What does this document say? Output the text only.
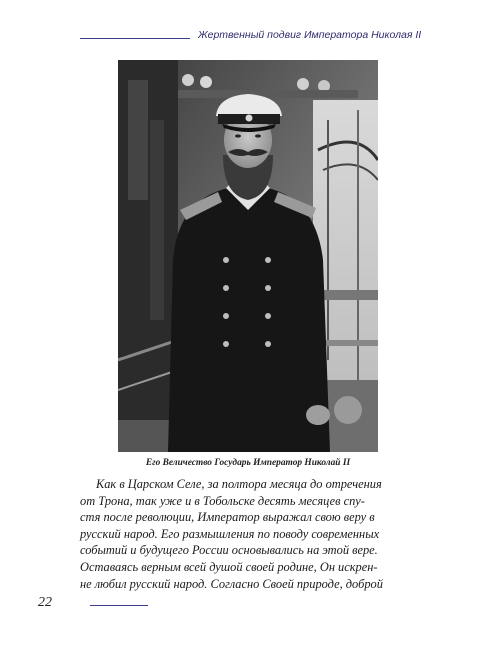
Жертвенный подвиг Императора Николая II
Его Величество Государь Император Николай II
Как в Царском Селе, за полтора месяца до отречения
от Трона, так уже и в Тобольске десять месяцев спу-
стя после революции, Император выражал свою веру в
русский народ. Его размышления по поводу современных
событий и будущего России основывались на этой вере.
Оставаясь верным всей душой своей родине, Он искрен-
не любил русский народ. Согласно Своей природе, доброй
22
